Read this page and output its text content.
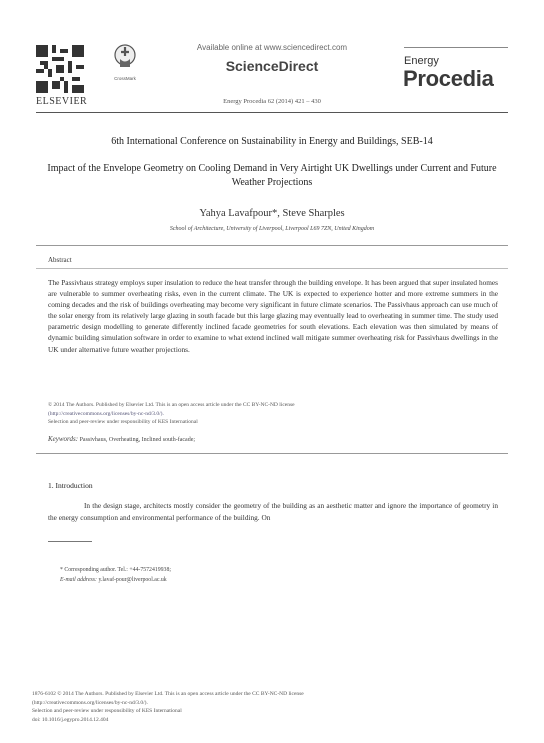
ELSEVIER
CrossMark
Available online at www.sciencedirect.com
ScienceDirect
Energy Procedia 62 (2014) 421 – 430
Energy
Procedia
6th International Conference on Sustainability in Energy and Buildings, SEB-14
Impact of the Envelope Geometry on Cooling Demand in Very Airtight UK Dwellings under Current and Future Weather Projections
Yahya Lavafpour*, Steve Sharples
School of Architecture, University of Liverpool, Liverpool L69 7ZN, United Kingdom
Abstract
The Passivhaus strategy employs super insulation to reduce the heat transfer through the building envelope. It has been argued that super insulated homes are vulnerable to summer overheating risks, even in the current climate. The UK is expected to experience hotter and more extreme summers in the coming decades and the risk of buildings overheating may become very significant in future climate scenarios. The Passivhaus approach can use much of the solar energy from its relatively large glazing in south facade but this large glazing may eventually lead to overheating in summer time. The study used parametric design modelling to generate differently inclined facade geometries for south elevations. Each elevation was then simulated by means of dynamic building simulation software in order to examine to what extend inclined wall mitigate summer overheating risk for Passivhaus dwellings in the UK under alternative future weather projections.
© 2014 The Authors. Published by Elsevier Ltd. This is an open access article under the CC BY-NC-ND license
(http://creativecommons.org/licenses/by-nc-nd/3.0/).
Selection and peer-review under responsibility of KES International
Keywords: Passivhaus, Overheating, Inclined south-facade;
1. Introduction
In the design stage, architects mostly consider the geometry of the building as an aesthetic matter and ignore the importance of geometry in the energy consumption and environmental performance of the building. On
* Corresponding author. Tel.: +44-7572419938;
E-mail address: y.lavaf-pour@liverpool.ac.uk
1876-6102 © 2014 The Authors. Published by Elsevier Ltd. This is an open access article under the CC BY-NC-ND license
(http://creativecommons.org/licenses/by-nc-nd/3.0/).
Selection and peer-review under responsibility of KES International
doi: 10.1016/j.egypro.2014.12.404
